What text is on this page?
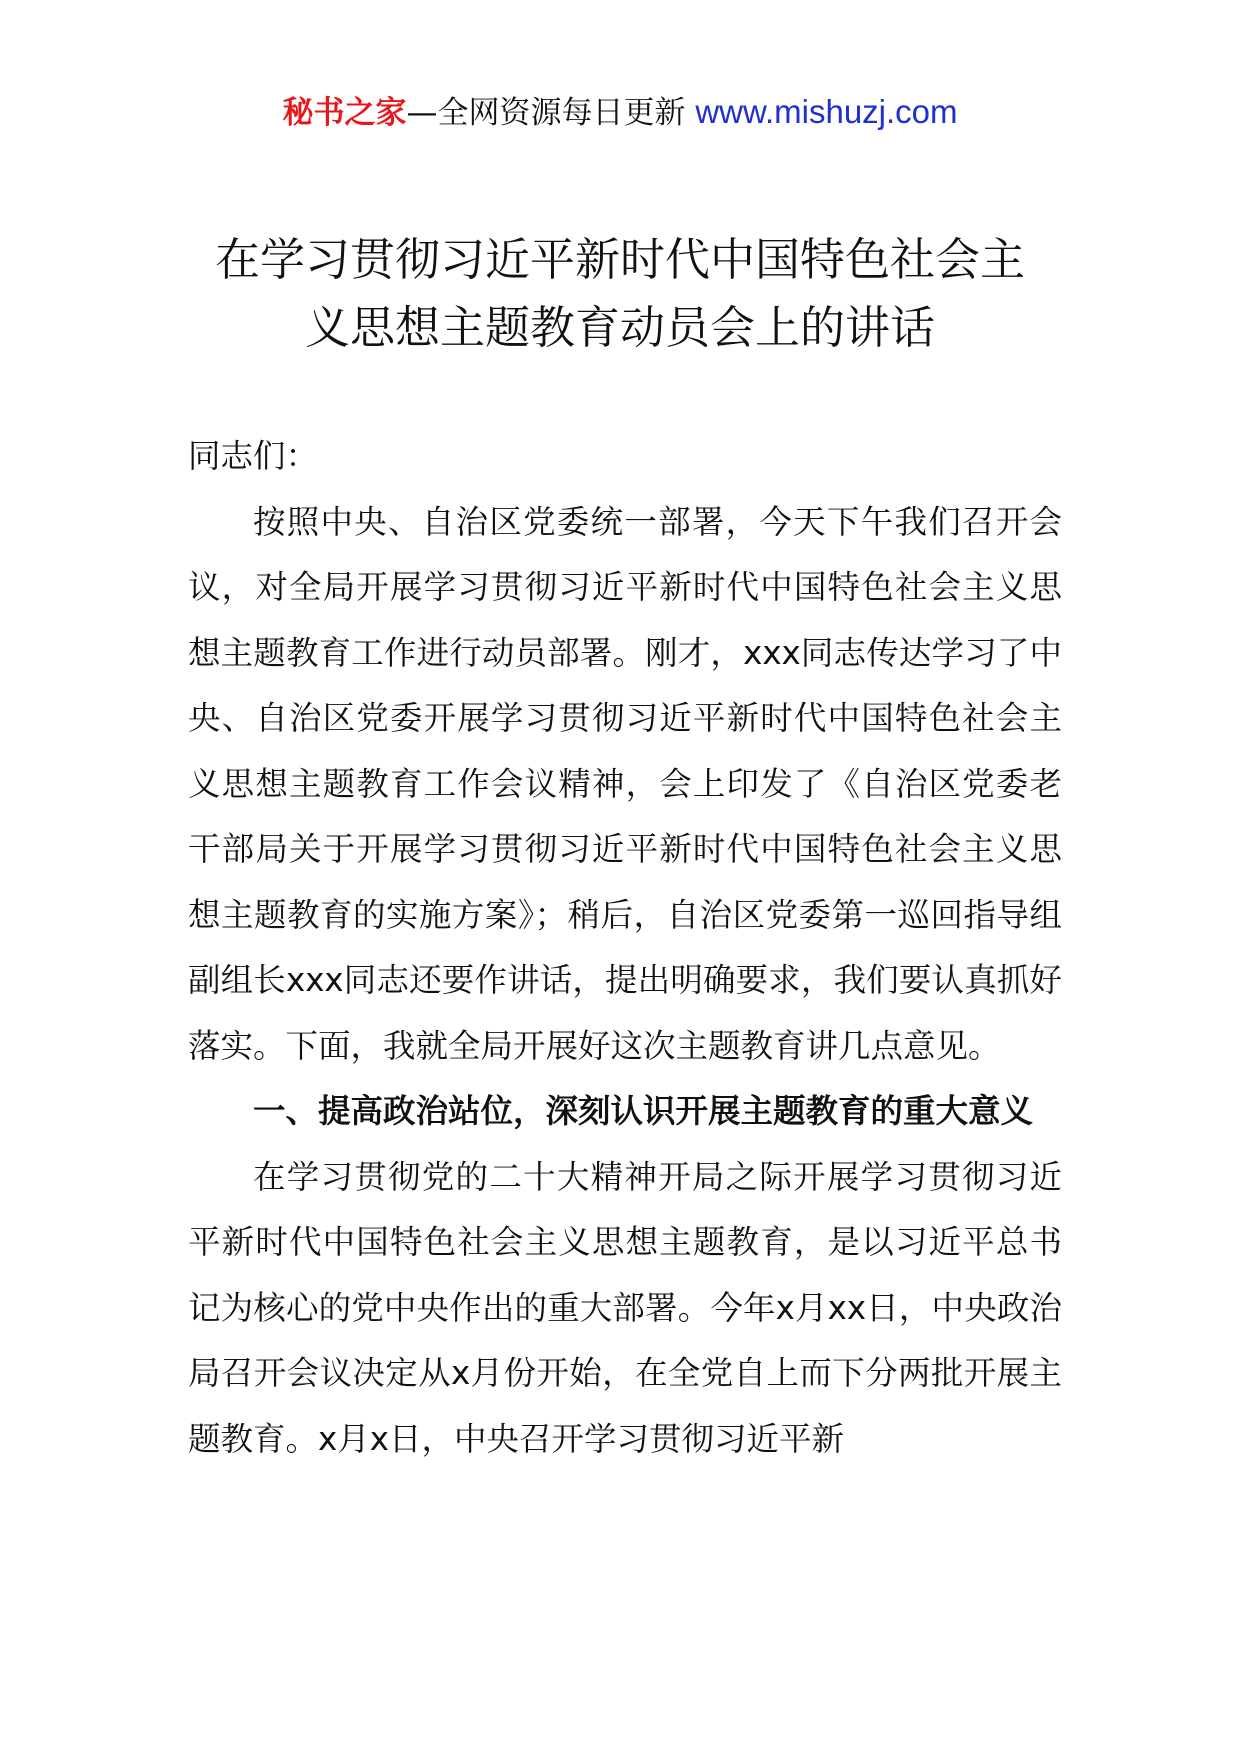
秘书之家—全网资源每日更新 www.mishuzj.com
在学习贯彻习近平新时代中国特色社会主
义思想主题教育动员会上的讲话

同志们：

按照中央、自治区党委统一部署，今天下午我们召开会议，对全局开展学习贯彻习近平新时代中国特色社会主义思想主题教育工作进行动员部署。刚才，xxx同志传达学习了中央、自治区党委开展学习贯彻习近平新时代中国特色社会主义思想主题教育工作会议精神，会上印发了《自治区党委老干部局关于开展学习贯彻习近平新时代中国特色社会主义思想主题教育的实施方案》；稍后，自治区党委第一巡回指导组副组长xxx同志还要作讲话，提出明确要求，我们要认真抓好落实。下面，我就全局开展好这次主题教育讲几点意见。

一、提高政治站位，深刻认识开展主题教育的重大意义

在学习贯彻党的二十大精神开局之际开展学习贯彻习近平新时代中国特色社会主义思想主题教育，是以习近平总书记为核心的党中央作出的重大部署。今年x月xx日，中央政治局召开会议决定从x月份开始，在全党自上而下分两批开展主题教育。x月x日，中央召开学习贯彻习近平新
